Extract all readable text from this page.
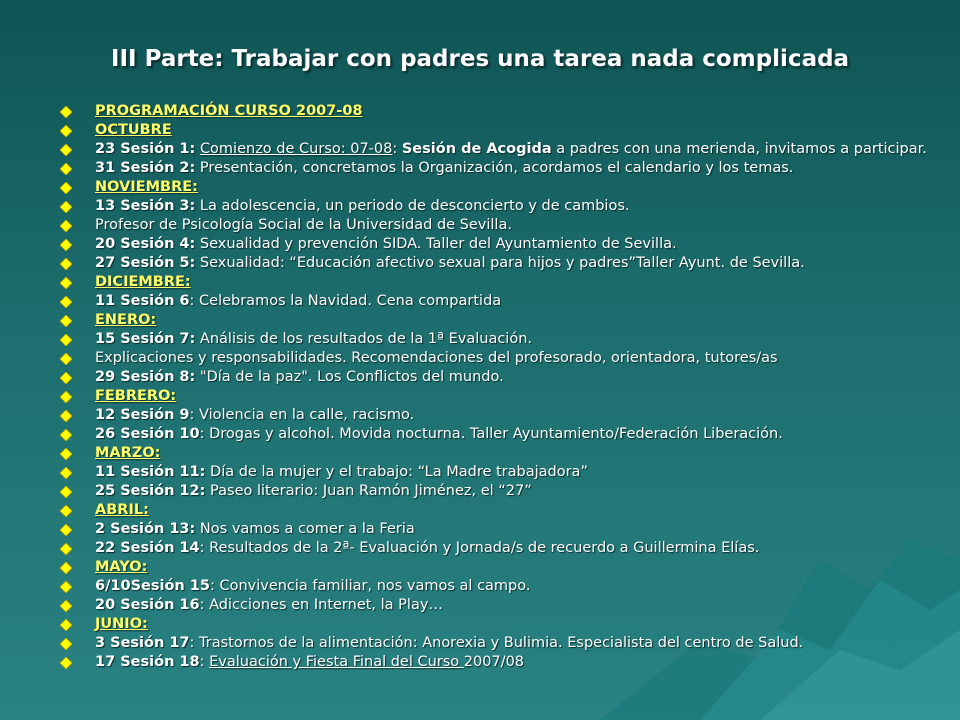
III Parte: Trabajar con padres una tarea nada complicada
PROGRAMACIÓN CURSO 2007-08
OCTUBRE
23 Sesión 1: Comienzo de Curso: 07-08: Sesión de Acogida a padres con una merienda, invitamos a participar.
31 Sesión 2: Presentación, concretamos la Organización, acordamos el calendario y los temas.
NOVIEMBRE:
13 Sesión 3: La adolescencia, un periodo de desconcierto y de cambios.
Profesor de Psicología Social de la Universidad de Sevilla.
20 Sesión 4: Sexualidad y prevención SIDA. Taller del Ayuntamiento de Sevilla.
27 Sesión 5: Sexualidad: “Educación afectivo sexual para hijos y padres”Taller Ayunt. de Sevilla.
DICIEMBRE:
11 Sesión 6: Celebramos la Navidad. Cena compartida
ENERO:
15 Sesión 7: Análisis de los resultados de la 1ª Evaluación.
Explicaciones y responsabilidades. Recomendaciones del profesorado, orientadora, tutores/as
29 Sesión 8: "Día de la paz". Los Conflictos del mundo.
FEBRERO:
12 Sesión 9: Violencia en la calle, racismo.
26 Sesión 10: Drogas y alcohol. Movida nocturna. Taller Ayuntamiento/Federación Liberación.
MARZO:
11 Sesión 11: Día de la mujer y el trabajo: “La Madre trabajadora”
25 Sesión 12: Paseo literario: Juan Ramón Jiménez, el “27”
ABRIL:
2 Sesión 13: Nos vamos a comer a la Feria
22 Sesión 14: Resultados de la 2ª- Evaluación y Jornada/s de recuerdo a Guillermina Elías.
MAYO:
6/10Sesión 15: Convivencia familiar, nos vamos al campo.
20 Sesión 16: Adicciones en Internet, la Play…
JUNIO:
3 Sesión 17: Trastornos de la alimentación: Anorexia y Bulimia. Especialista del centro de Salud.
17 Sesión 18: Evaluación y Fiesta Final del Curso 2007/08
